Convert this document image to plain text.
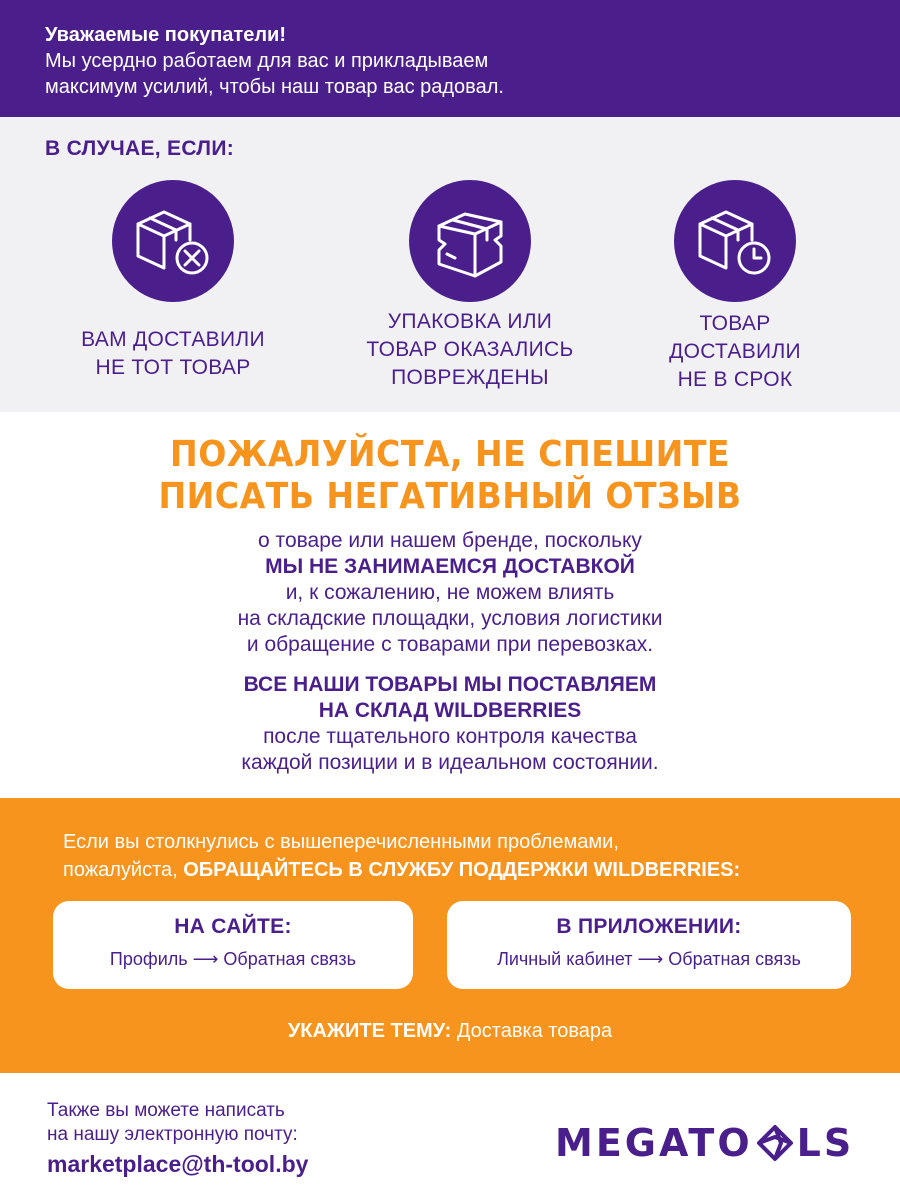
Уважаемые покупатели!
Мы усердно работаем для вас и прикладываем
максимум усилий, чтобы наш товар вас радовал.
В СЛУЧАЕ, ЕСЛИ:
ВАМ ДОСТАВИЛИ
НЕ ТОТ ТОВАР
УПАКОВКА ИЛИ
ТОВАР ОКАЗАЛИСЬ
ПОВРЕЖДЕНЫ
ТОВАР
ДОСТАВИЛИ
НЕ В СРОК
ПОЖАЛУЙСТА, НЕ СПЕШИТЕ
ПИСАТЬ НЕГАТИВНЫЙ ОТЗЫВ
о товаре или нашем бренде, поскольку
МЫ НЕ ЗАНИМАЕМСЯ ДОСТАВКОЙ
и, к сожалению, не можем влиять
на складские площадки, условия логистики
и обращение с товарами при перевозках.
ВСЕ НАШИ ТОВАРЫ МЫ ПОСТАВЛЯЕМ
НА СКЛАД WILDBERRIES
после тщательного контроля качества
каждой позиции и в идеальном состоянии.
Если вы столкнулись с вышеперечисленными проблемами,
пожалуйста, ОБРАЩАЙТЕСЬ В СЛУЖБУ ПОДДЕРЖКИ WILDBERRIES:
НА САЙТЕ:
Профиль ⟶ Обратная связь
В ПРИЛОЖЕНИИ:
Личный кабинет ⟶ Обратная связь
УКАЖИТЕ ТЕМУ: Доставка товара
Также вы можете написать
на нашу электронную почту:
marketplace@th-tool.by	MEGATO LS
